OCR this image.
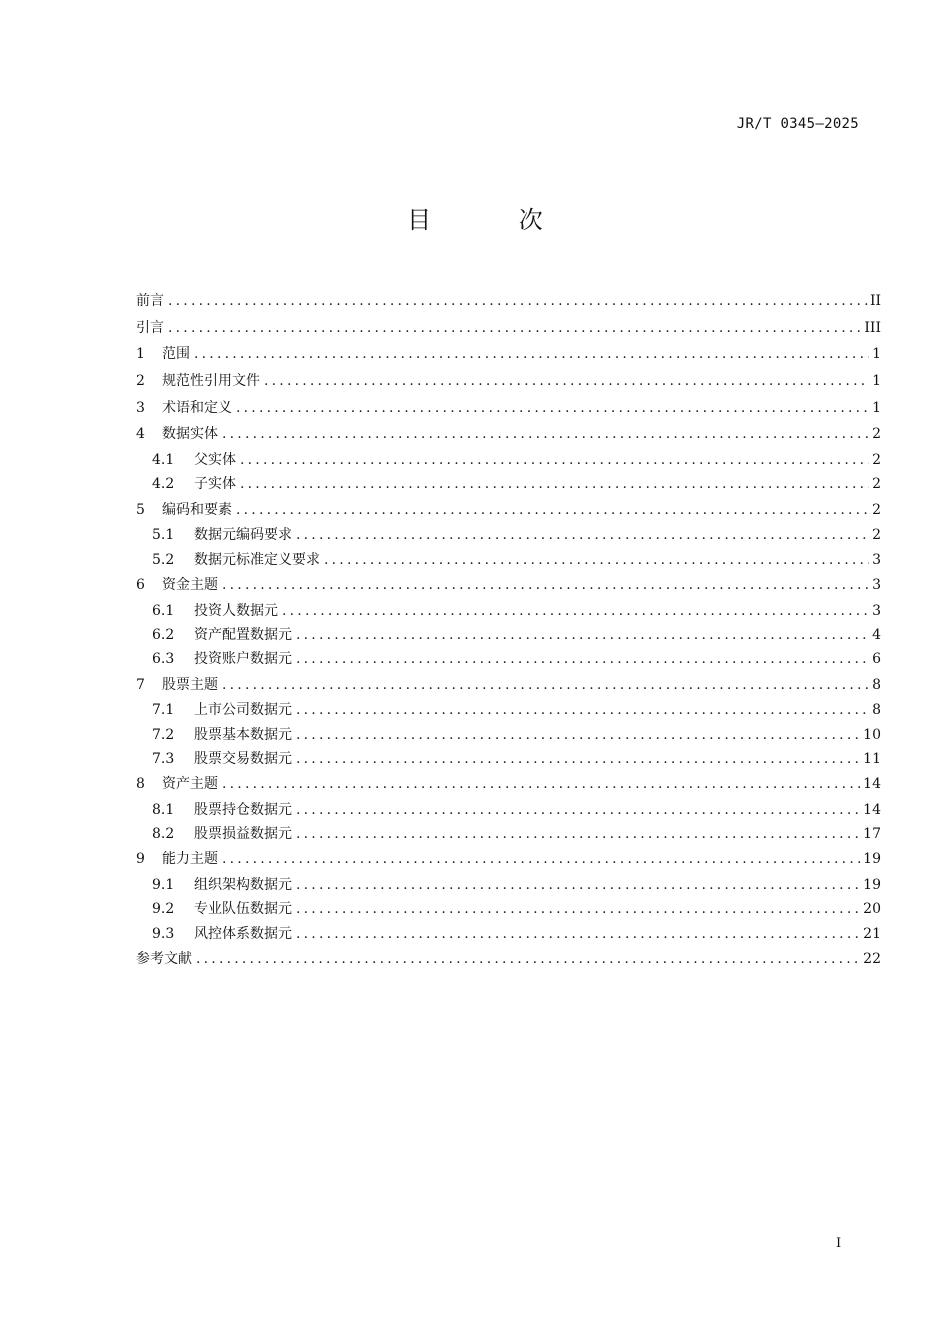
JR/T 0345—2025
目 次
前言 .....	II
引言 .....	III
1	范围 .....	1
2	规范性引用文件 .....	1
3	术语和定义 .....	1
4	数据实体 .....	2
4.1	父实体 .....	2
4.2	子实体 .....	2
5	编码和要素 .....	2
5.1	数据元编码要求 .....	2
5.2	数据元标准定义要求 .....	3
6	资金主题 .....	3
6.1	投资人数据元 .....	3
6.2	资产配置数据元 .....	4
6.3	投资账户数据元 .....	6
7	股票主题 .....	8
7.1	上市公司数据元 .....	8
7.2	股票基本数据元 .....	10
7.3	股票交易数据元 .....	11
8	资产主题 .....	14
8.1	股票持仓数据元 .....	14
8.2	股票损益数据元 .....	17
9	能力主题 .....	19
9.1	组织架构数据元 .....	19
9.2	专业队伍数据元 .....	20
9.3	风控体系数据元 .....	21
参考文献 .....	22
I
